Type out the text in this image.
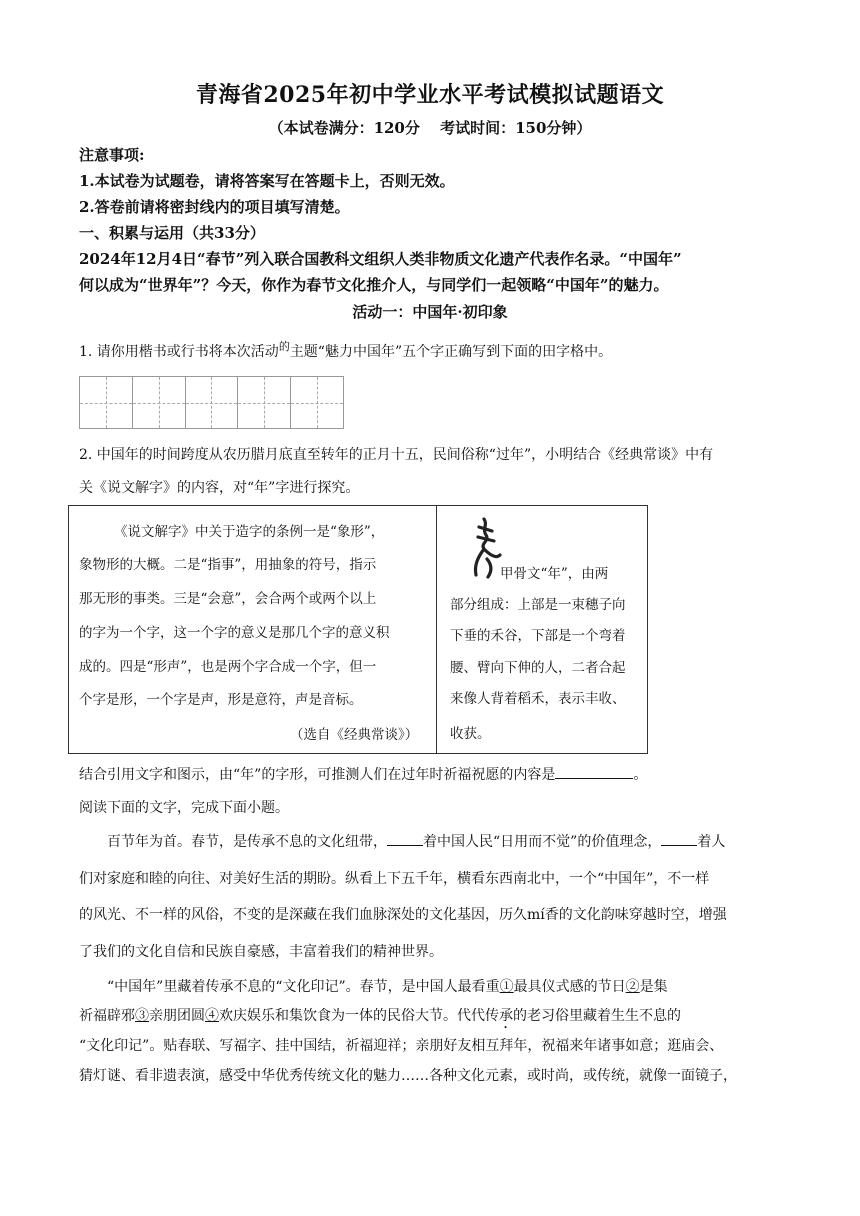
青海省2025年初中学业水平考试模拟试题语文
（本试卷满分：120分　 考试时间：150分钟）
注意事项:
1.本试卷为试题卷，请将答案写在答题卡上，否则无效。
2.答卷前请将密封线内的项目填写清楚。
一、积累与运用（共33分）
2024年12月4日“春节”列入联合国教科文组织人类非物质文化遗产代表作名录。“中国年”
何以成为“世界年”？今天，你作为春节文化推介人，与同学们一起领略“中国年”的魅力。
活动一：中国年·初印象
1. 请你用楷书或行书将本次活动$^的$主题“魅力中国年”五个字正确写到下面的田字格中。
2. 中国年的时间跨度从农历腊月底直至转年的正月十五，民间俗称“过年”，小明结合《经典常谈》中有
关《说文解字》的内容，对“年”字进行探究。
《说文解字》中关于造字的条例一是“象形”，
象物形的大概。二是“指事”，用抽象的符号，指示
那无形的事类。三是“会意”，会合两个或两个以上
的字为一个字，这一个字的意义是那几个字的意义积
成的。四是“形声”，也是两个字合成一个字，但一
个字是形，一个字是声，形是意符，声是音标。
（选自《经典常谈》）
甲骨文“年”，由两
部分组成：上部是一束穗子向
下垂的禾谷，下部是一个弯着
腰、臂向下伸的人，二者合起
来像人背着稻禾，表示丰收、
收获。
结合引用文字和图示，由“年”的字形，可推测人们在过年时祈福祝愿的内容是	。
阅读下面的文字，完成下面小题。
百节年为首。春节，是传承不息的文化纽带，	着中国人民“日用而不觉”的价值理念，	着人
们对家庭和睦的向往、对美好生活的期盼。纵看上下五千年，横看东西南北中，一个“中国年”，不一样
的风光、不一样的风俗，不变的是深藏在我们血脉深处的文化基因，历久mí香的文化韵味穿越时空，增强
了我们的文化自信和民族自豪感，丰富着我们的精神世界。
“中国年”里藏着传承不息的“文化印记”。春节，是中国人最看重①最具仪式感的节日②是集
祈福辟邪③亲朋团圆④欢庆娱乐和集饮食为一体的民俗大节。代代传承的老习俗里藏着生生不息的
“文化印记”。贴春联、写福字、挂中国结，祈福迎祥；亲朋好友相互拜年，祝福来年诸事如意；逛庙会、
猜灯谜、看非遗表演，感受中华优秀传统文化的魅力……各种文化元素，或时尚，或传统，就像一面镜子，
